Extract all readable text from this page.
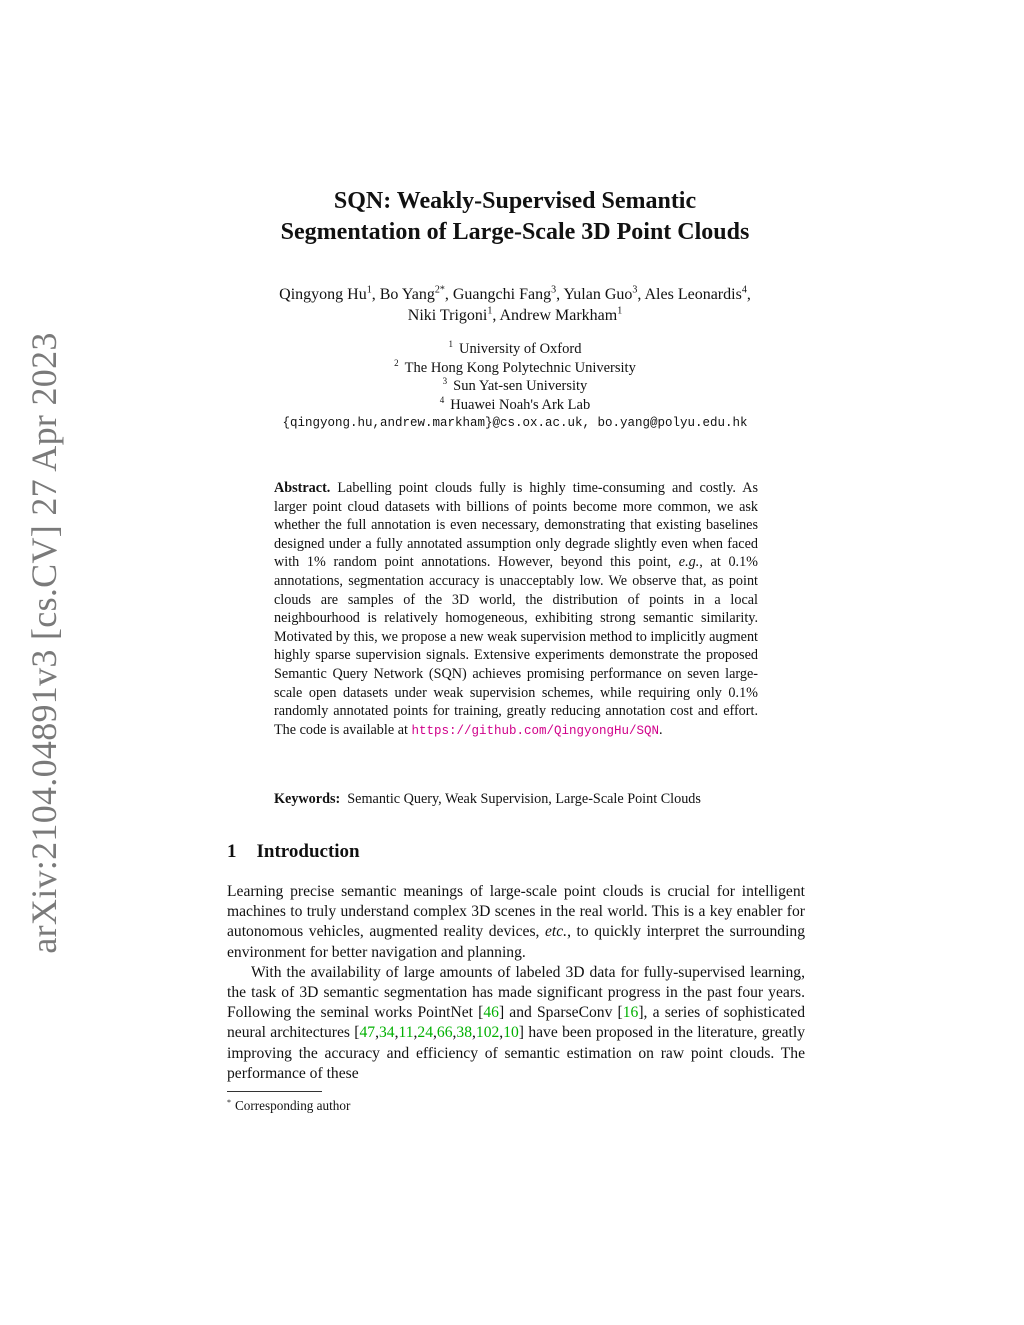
arXiv:2104.04891v3 [cs.CV] 27 Apr 2023
SQN: Weakly-Supervised Semantic
Segmentation of Large-Scale 3D Point Clouds
Qingyong Hu$^1$, Bo Yang$^{2*}$, Guangchi Fang$^3$, Yulan Guo$^3$, Ales Leonardis$^4$,
Niki Trigoni$^1$, Andrew Markham$^1$
$^1$ University of Oxford
$^2$ The Hong Kong Polytechnic University
$^3$ Sun Yat-sen University
$^4$ Huawei Noah's Ark Lab
{qingyong.hu,andrew.markham}@cs.ox.ac.uk, bo.yang@polyu.edu.hk
Abstract. Labelling point clouds fully is highly time-consuming and costly. As larger point cloud datasets with billions of points become more common, we ask whether the full annotation is even necessary, demonstrating that existing baselines designed under a fully annotated assumption only degrade slightly even when faced with 1% random point annotations. However, beyond this point, e.g., at 0.1% annotations, segmentation accuracy is unacceptably low. We observe that, as point clouds are samples of the 3D world, the distribution of points in a local neighbourhood is relatively homogeneous, exhibiting strong semantic similarity. Motivated by this, we propose a new weak supervision method to implicitly augment highly sparse supervision signals. Extensive experiments demonstrate the proposed Semantic Query Network (SQN) achieves promising performance on seven large-scale open datasets under weak supervision schemes, while requiring only 0.1% randomly annotated points for training, greatly reducing annotation cost and effort. The code is available at https://github.com/QingyongHu/SQN.
Keywords: Semantic Query, Weak Supervision, Large-Scale Point Clouds
1 Introduction

Learning precise semantic meanings of large-scale point clouds is crucial for intelligent machines to truly understand complex 3D scenes in the real world. This is a key enabler for autonomous vehicles, augmented reality devices, etc., to quickly interpret the surrounding environment for better navigation and planning.

With the availability of large amounts of labeled 3D data for fully-supervised learning, the task of 3D semantic segmentation has made significant progress in the past four years. Following the seminal works PointNet [46] and SparseConv [16], a series of sophisticated neural architectures [47,34,11,24,66,38,102,10] have been proposed in the literature, greatly improving the accuracy and efficiency of semantic estimation on raw point clouds. The performance of these

* Corresponding author
